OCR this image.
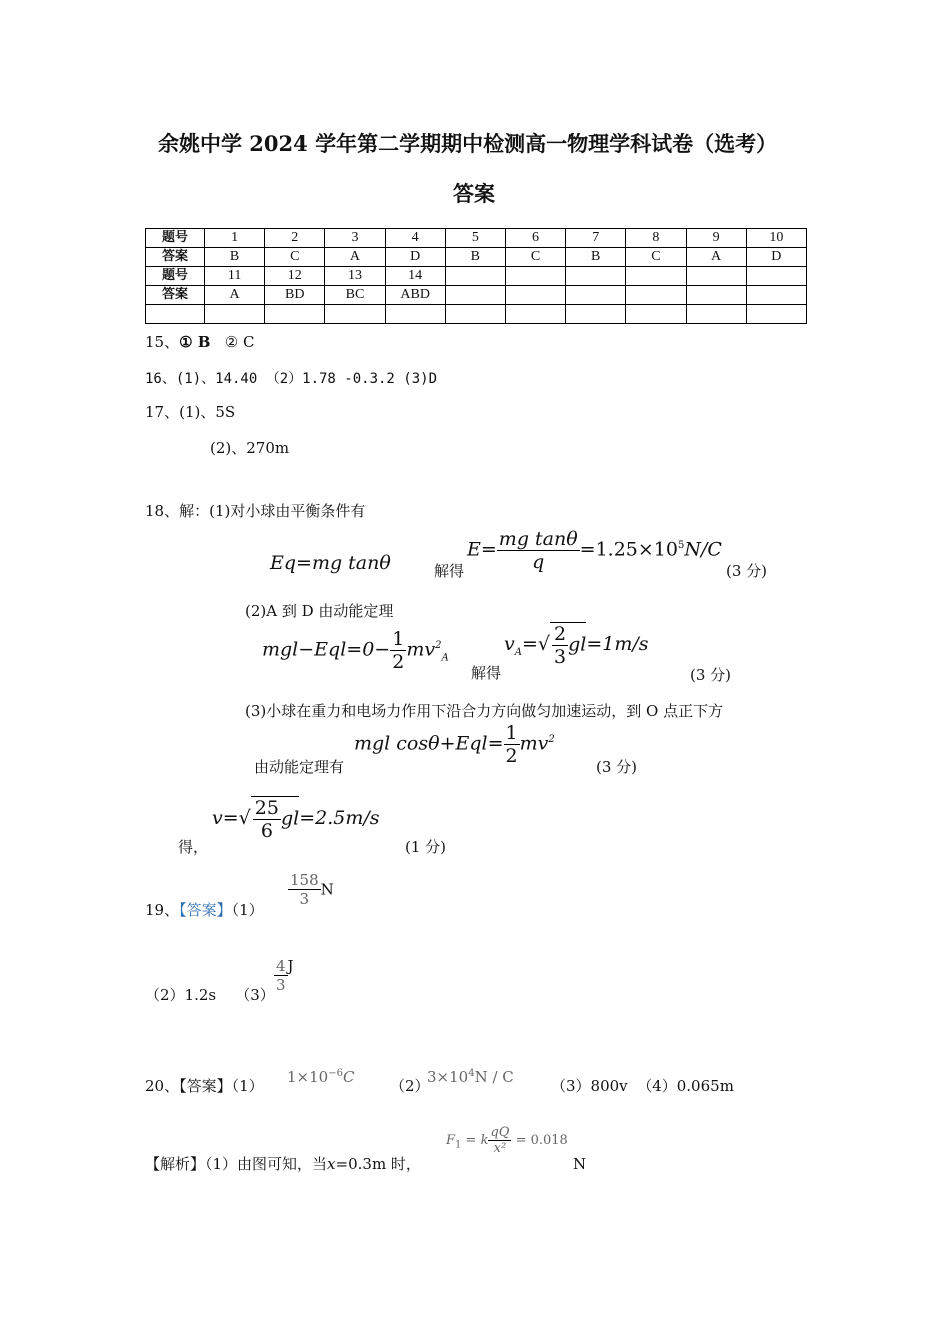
余姚中学 2024 学年第二学期期中检测高一物理学科试卷（选考）
答案
题号	1	2	3	4	5	6	7	8	9	10
答案	B	C	A	D	B	C	B	C	A	D
题号	11	12	13	14						
答案	A	BD	BC	ABD						

15、① B ② C
16、(1)、14.40 （2）1.78 -0.3.2 (3)D
17、(1)、5S
(2)、270m
18、解：(1)对小球由平衡条件有
Eq=mg tanθ	解得
$E= \frac{\text{mg tanθ}}{q} =1.25\times 10^5N/C$
(3 分)
(2)A 到 D 由动能定理
$mgl-Eql=0- \frac{1}{2} mv^2_A$
解得
$v_A=√ \frac{2}{3} gl=1m/s$
(3 分)
(3)小球在重力和电场力作用下沿合力方向做匀加速运动，到 O 点正下方
mgl $\cos\theta+Eql= \frac{1}{2} mv^2$
由动能定理有	(3 分)
得，
$v=√ \frac{25}{6} gl=2.5m/s$
(1 分)
19、【答案】（1）
$\frac{158}{3}$ N
（2）1.2s （3）
$\frac{4}{3}$ J
20、【答案】（1） $1\times 10^{-6}C$ （2）
$3\times 10^4N / C$ （3）800v （4）0.065m
【解析】（1）由图可知，当x=0.3m 时，
$F_1 = k \frac{qQ}{\text{x²}} = 0.018$
N
